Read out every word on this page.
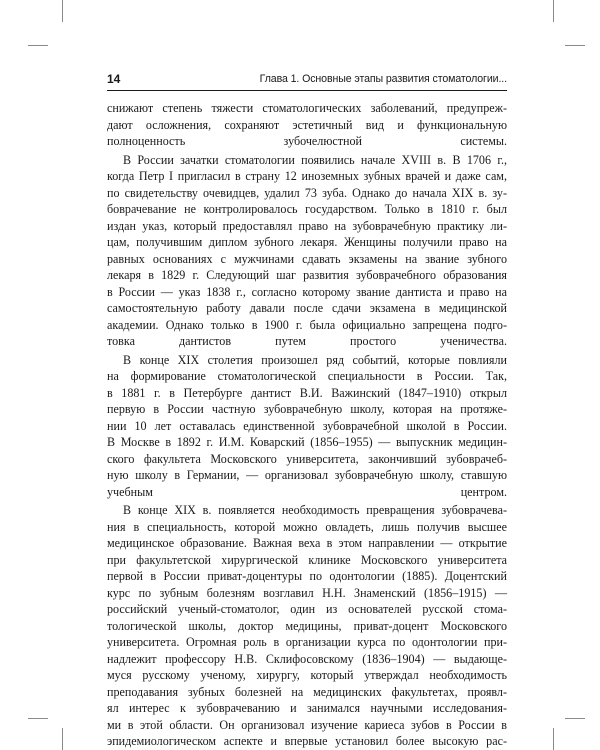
14	Глава 1. Основные этапы развития стоматологии...

снижают степень тяжести стоматологических заболеваний, предупреж-
дают осложнения, сохраняют эстетичный вид и функциональную
полноценность зубочелюстной системы.

В России зачатки стоматологии появились начале XVIII в. В 1706 г.,
когда Петр I пригласил в страну 12 иноземных зубных врачей и даже сам,
по свидетельству очевидцев, удалил 73 зуба. Однако до начала XIX в. зу-
боврачевание не контролировалось государством. Только в 1810 г. был
издан указ, который предоставлял право на зубоврачебную практику ли-
цам, получившим диплом зубного лекаря. Женщины получили право на
равных основаниях с мужчинами сдавать экзамены на звание зубного
лекаря в 1829 г. Следующий шаг развития зубоврачебного образования
в России — указ 1838 г., согласно которому звание дантиста и право на
самостоятельную работу давали после сдачи экзамена в медицинской
академии. Однако только в 1900 г. была официально запрещена подго-
товка дантистов путем простого ученичества.

В конце XIX столетия произошел ряд событий, которые повлияли
на формирование стоматологической специальности в России. Так,
в 1881 г. в Петербурге дантист В.И. Важинский (1847–1910) открыл
первую в России частную зубоврачебную школу, которая на протяже-
нии 10 лет оставалась единственной зубоврачебной школой в России.
В Москве в 1892 г. И.М. Коварский (1856–1955) — выпускник медицин-
ского факультета Московского университета, закончивший зубоврачеб-
ную школу в Германии, — организовал зубоврачебную школу, ставшую
учебным центром.

В конце XIX в. появляется необходимость превращения зубоврачева-
ния в специальность, которой можно овладеть, лишь получив высшее
медицинское образование. Важная веха в этом направлении — открытие
при факультетской хирургической клинике Московского университета
первой в России приват-доцентуры по одонтологии (1885). Доцентский
курс по зубным болезням возглавил Н.Н. Знаменский (1856–1915) —
российский ученый-стоматолог, один из основателей русской стома-
тологической школы, доктор медицины, приват-доцент Московского
университета. Огромная роль в организации курса по одонтологии при-
надлежит профессору Н.В. Склифосовскому (1836–1904) — выдающе-
муся русскому ученому, хирургу, который утверждал необходимость
преподавания зубных болезней на медицинских факультетах, проявл-
ял интерес к зубоврачеванию и занимался научными исследования-
ми в этой области. Он организовал изучение кариеса зубов в России в
эпидемиологическом аспекте и впервые установил более высокую рас-
